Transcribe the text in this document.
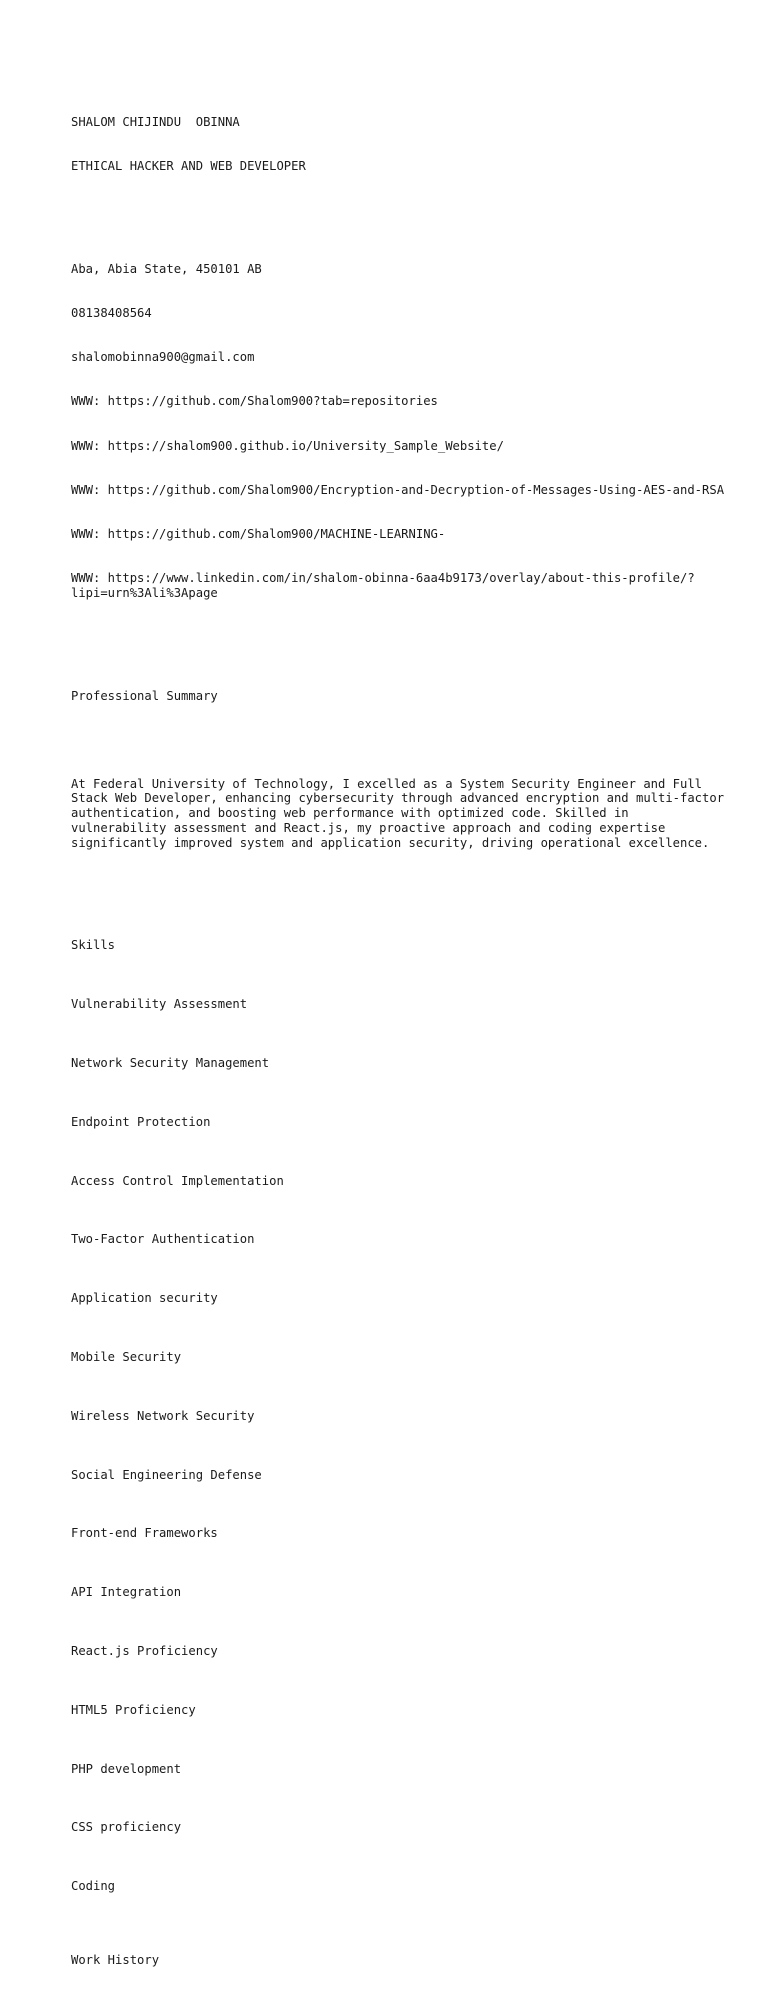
SHALOM CHIJINDU  OBINNA

ETHICAL HACKER AND WEB DEVELOPER

Aba, Abia State, 450101 AB

08138408564

shalomobinna900@gmail.com

WWW: https://github.com/Shalom900?tab=repositories

WWW: https://shalom900.github.io/University_Sample_Website/

WWW: https://github.com/Shalom900/Encryption-and-Decryption-of-Messages-Using-AES-and-RSA

WWW: https://github.com/Shalom900/MACHINE-LEARNING-

WWW: https://www.linkedin.com/in/shalom-obinna-6aa4b9173/overlay/about-this-profile/?lipi=urn%3Ali%3Apage

Professional Summary

At Federal University of Technology, I excelled as a System Security Engineer and Full Stack Web Developer, enhancing cybersecurity through advanced encryption and multi-factor authentication, and boosting web performance with optimized code. Skilled in vulnerability assessment and React.js, my proactive approach and coding expertise significantly improved system and application security, driving operational excellence.

Skills

Vulnerability Assessment

Network Security Management

Endpoint Protection

Access Control Implementation

Two-Factor Authentication

Application security

Mobile Security

Wireless Network Security

Social Engineering Defense

Front-end Frameworks

API Integration

React.js Proficiency

HTML5 Proficiency

PHP development

CSS proficiency

Coding

Work History
